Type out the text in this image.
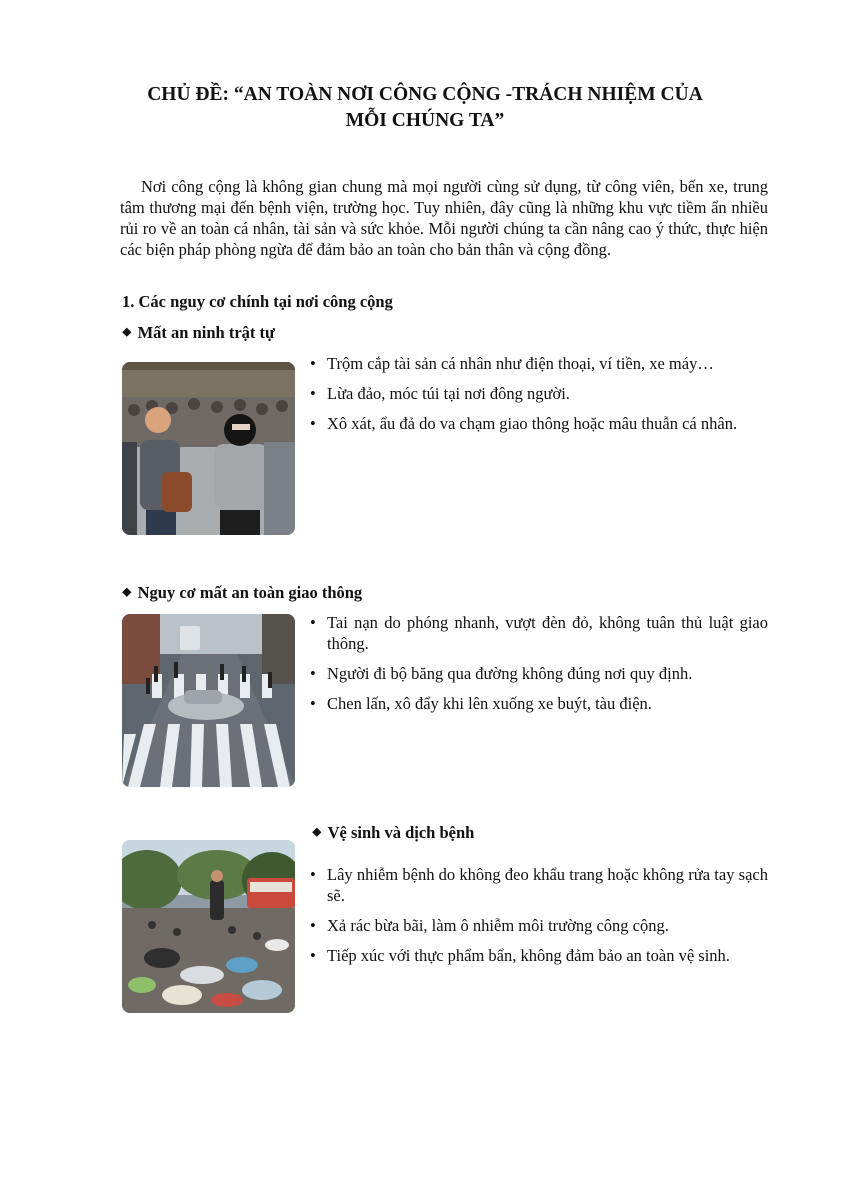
CHỦ ĐỀ: “AN TOÀN NƠI CÔNG CỘNG -TRÁCH NHIỆM CỦA
MỖI CHÚNG TA”

Nơi công cộng là không gian chung mà mọi người cùng sử dụng, từ công viên, bến xe, trung tâm thương mại đến bệnh viện, trường học. Tuy nhiên, đây cũng là những khu vực tiềm ẩn nhiều rủi ro về an toàn cá nhân, tài sản và sức khỏe. Mỗi người chúng ta cần nâng cao ý thức, thực hiện các biện pháp phòng ngừa để đảm bảo an toàn cho bản thân và cộng đồng.

1. Các nguy cơ chính tại nơi công cộng
⯁ Mất an ninh trật tự
• Trộm cắp tài sản cá nhân như điện thoại, ví tiền, xe máy…
• Lừa đảo, móc túi tại nơi đông người.
• Xô xát, ẩu đả do va chạm giao thông hoặc mâu thuẫn cá nhân.
⯁ Nguy cơ mất an toàn giao thông
• Tai nạn do phóng nhanh, vượt đèn đỏ, không tuân thủ luật giao thông.
• Người đi bộ băng qua đường không đúng nơi quy định.
• Chen lấn, xô đẩy khi lên xuống xe buýt, tàu điện.
⯁ Vệ sinh và dịch bệnh
• Lây nhiễm bệnh do không đeo khẩu trang hoặc không rửa tay sạch sẽ.
• Xả rác bừa bãi, làm ô nhiễm môi trường công cộng.
• Tiếp xúc với thực phẩm bẩn, không đảm bảo an toàn vệ sinh.
